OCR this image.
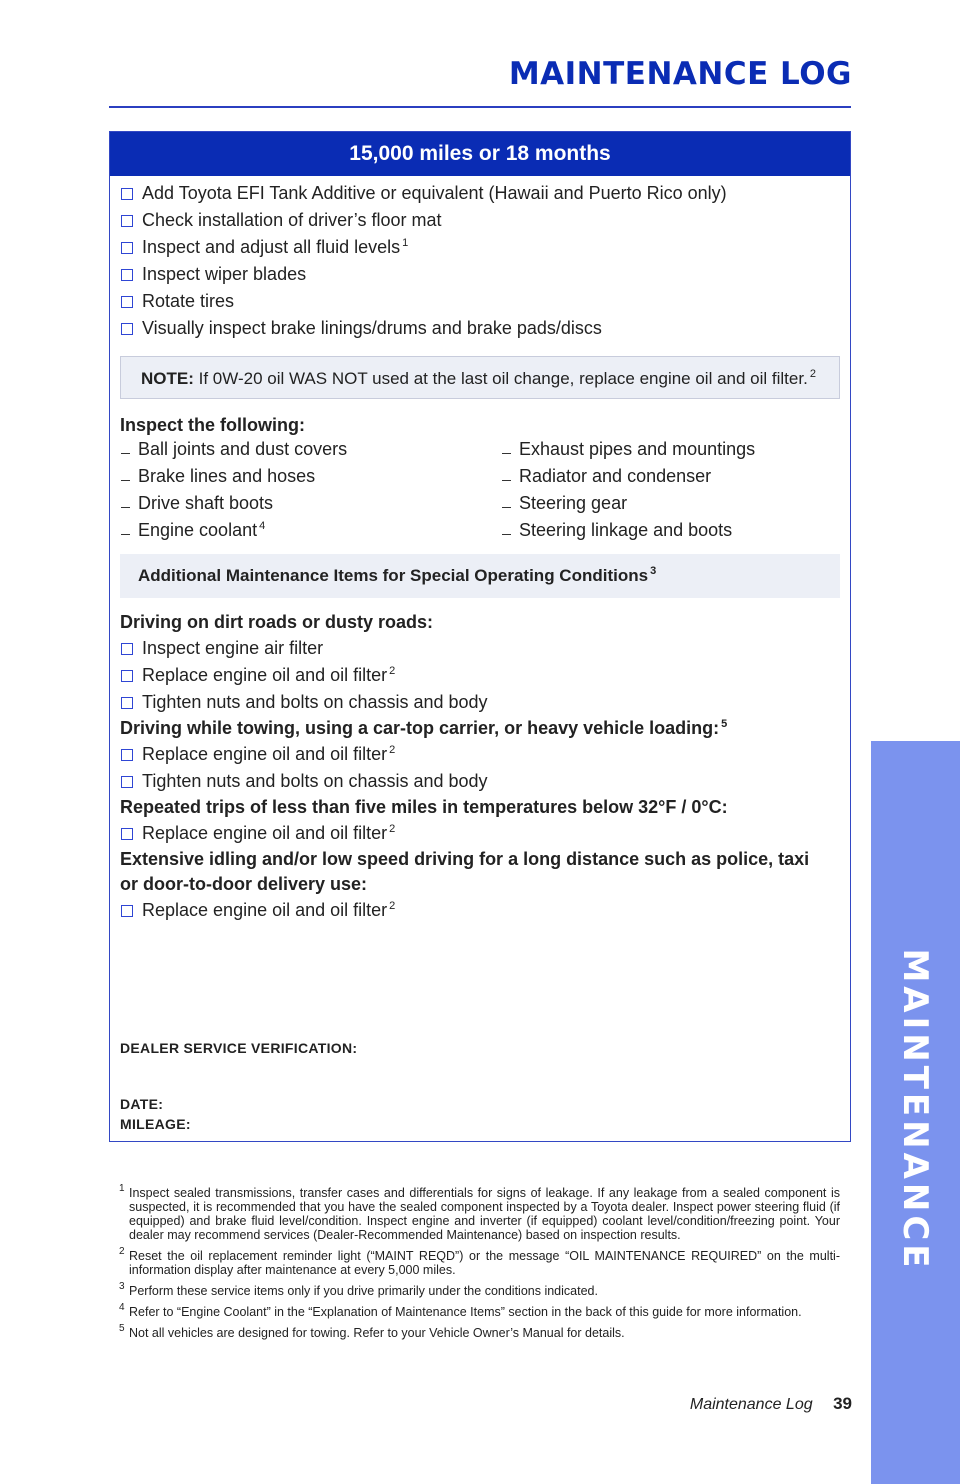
MAINTENANCE LOG
MAINTENANCE
15,000 miles or 18 months
Add Toyota EFI Tank Additive or equivalent (Hawaii and Puerto Rico only)
Check installation of driver’s floor mat
Inspect and adjust all fluid levels $^1$
Inspect wiper blades
Rotate tires
Visually inspect brake linings/drums and brake pads/discs
NOTE: If 0W-20 oil WAS NOT used at the last oil change, replace engine oil and oil filter. $^2$
Inspect the following:
Ball joints and dust covers	Exhaust pipes and mountings
Brake lines and hoses	Radiator and condenser
Drive shaft boots	Steering gear
Engine coolant $^4$	Steering linkage and boots
Additional Maintenance Items for Special Operating Conditions $^3$
Driving on dirt roads or dusty roads:
Inspect engine air filter
Replace engine oil and oil filter $^2$
Tighten nuts and bolts on chassis and body
Driving while towing, using a car-top carrier, or heavy vehicle loading: $^5$
Replace engine oil and oil filter $^2$
Tighten nuts and bolts on chassis and body
Repeated trips of less than five miles in temperatures below 32°F / 0°C:
Replace engine oil and oil filter $^2$
Extensive idling and/or low speed driving for a long distance such as police, taxi or door-to-door delivery use:
Replace engine oil and oil filter $^2$
DEALER SERVICE VERIFICATION:
DATE:
MILEAGE:
1 Inspect sealed transmissions, transfer cases and differentials for signs of leakage. If any leakage from a sealed component is suspected, it is recommended that you have the sealed component inspected by a Toyota dealer. Inspect power steering fluid (if equipped) and brake fluid level/condition. Inspect engine and inverter (if equipped) coolant level/condition/freezing point. Your dealer may recommend services (Dealer-Recommended Maintenance) based on inspection results.
2 Reset the oil replacement reminder light (“MAINT REQD”) or the message “OIL MAINTENANCE REQUIRED” on the multi-information display after maintenance at every 5,000 miles.
3 Perform these service items only if you drive primarily under the conditions indicated.
4 Refer to “Engine Coolant” in the “Explanation of Maintenance Items” section in the back of this guide for more information.
5 Not all vehicles are designed for towing. Refer to your Vehicle Owner’s Manual for details.
Maintenance Log 39
